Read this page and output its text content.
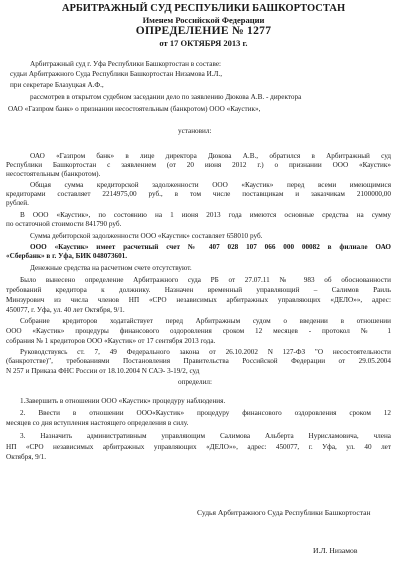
АРБИТРАЖНЫЙ СУД РЕСПУБЛИКИ БАШКОРТОСТАН
Именем Российской Федерации
ОПРЕДЕЛЕНИЕ № 1277
от 17 ОКТЯБРЯ 2013 г.
Арбитражный суд г. Уфа Республики Башкортостан в составе:
судьи Арбитражного Суда Республики Башкортостан Низамова И.Л.,
при секретаре Блазуцкая А.Ф.,
рассмотрев в открытом судебном заседании дело по заявлению Дюкова А.В. - директора
ОАО «Газпром банк» о признании несостоятельным (банкротом) ООО «Каустик»,
установил:
ОАО «Газпром банк» в лице директора Дюкова А.В., обратился в Арбитражный суд
Республики Башкортостан с заявлением (от 20 июня 2012 г.) о признании ООО «Каустик»
несостоятельным (банкротом).
Общая сумма кредиторской задолженности ООО «Каустик» перед всеми имеющимися
кредиторами составляет 2214975,00 руб., в том числе поставщикам и заказчикам 2100000,00
рублей.
В ООО «Каустик», по состоянию на 1 июня 2013 года имеются основные средства на сумму
по остаточной стоимости 841790 руб.
Сумма дебиторской задолженности ООО «Каустик» составляет 658010 руб.
ООО «Каустик» имеет расчетный счет № 407 028 107 066 000 00082 в филиале ОАО
«Сбербанк» в г. Уфа, БИК 048073601.
Денежные средства на расчетном счете отсутствуют.
Было вынесено определение Арбитражного суда РБ от 27.07.11 № 983 об обоснованности
требований кредитора к должнику. Назначен временный управляющий – Салимов Раиль
Минзурович из числа членов НП «СРО независимых арбитражных управляющих «ДЕЛО»», адрес:
450077, г. Уфа, ул. 40 лет Октября, 9/1.
Собрание кредиторов ходатайствует перед Арбитражным судом о введении в отношении
ООО «Каустик» процедуры финансового оздоровления сроком 12 месяцев - протокол № 1
собрания № 1 кредиторов ООО «Каустик» от 17 сентября 2013 года.
Руководствуясь ст. 7, 49 Федерального закона от 26.10.2002 N 127-ФЗ "О несостоятельности
(банкротстве)", требованиями Постановления Правительства Российской Федерации от 29.05.2004
N 257 и Приказа ФНС России от 18.10.2004 N САЭ- 3-19/2, суд
определил:
1.Завершить в отношении ООО «Каустик» процедуру наблюдения.
2. Ввести в отношении ООО«Каустик» процедуру финансового оздоровления сроком 12
месяцев со дня вступления настоящего определения в силу.
3. Назначить административным управляющим Салимова Альберта Нурисламовича, члена
НП «СРО независимых арбитражных управляющих «ДЕЛО»», адрес: 450077, г. Уфа, ул. 40 лет
Октября, 9/1.
Судья Арбитражного Суда Республики Башкортостан
И.Л. Низамов
